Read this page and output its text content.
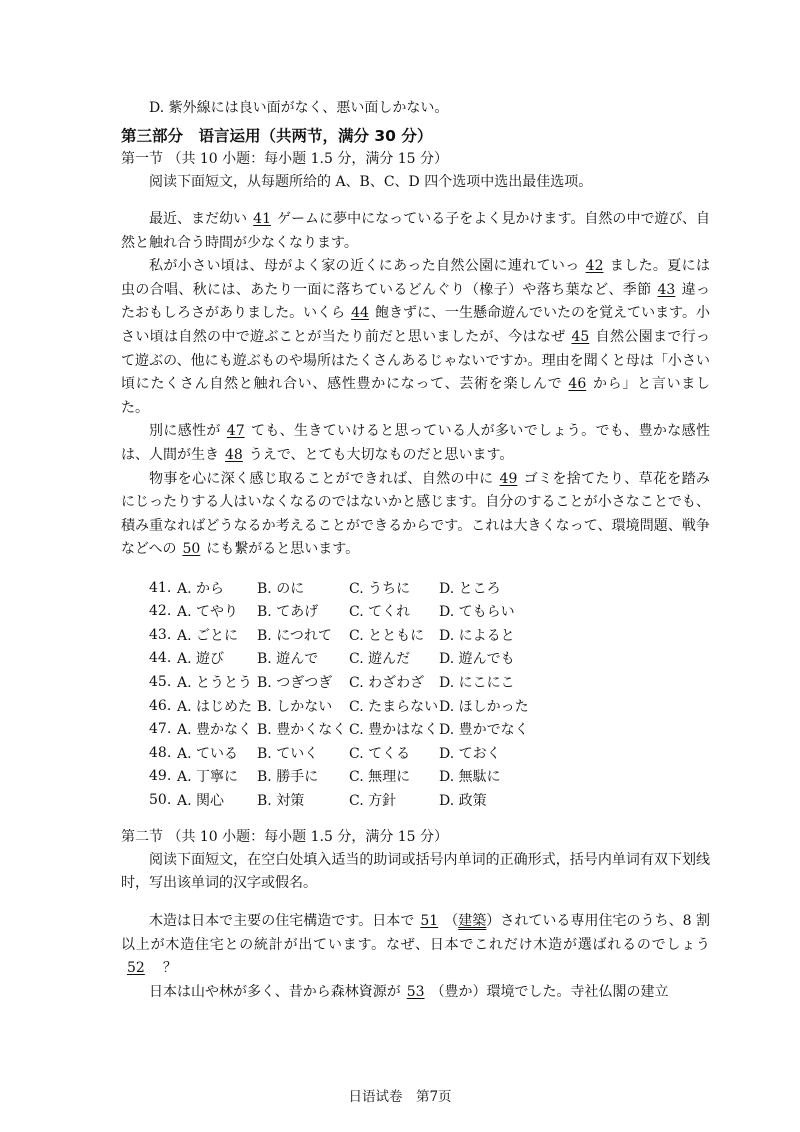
D. 紫外線には良い面がなく、悪い面しかない。

第三部分　语言运用（共两节，满分 30 分）

第一节 （共 10 小题：每小题 1.5 分，满分 15 分）

阅读下面短文，从每题所给的 A、B、C、D 四个选项中选出最佳选项。

最近、まだ幼い 41 ゲームに夢中になっている子をよく見かけます。自然の中で遊び、自然と触れ合う時間が少なくなります。

私が小さい頃は、母がよく家の近くにあった自然公園に連れていっ 42 ました。夏には虫の合唱、秋には、あたり一面に落ちているどんぐり（橡子）や落ち葉など、季節 43 違ったおもしろさがありました。いくら 44 飽きずに、一生懸命遊んでいたのを覚えています。小さい頃は自然の中で遊ぶことが当たり前だと思いましたが、今はなぜ 45 自然公園まで行って遊ぶの、他にも遊ぶものや場所はたくさんあるじゃないですか。理由を聞くと母は「小さい頃にたくさん自然と触れ合い、感性豊かになって、芸術を楽しんで 46 から」と言いました。

別に感性が 47 ても、生きていけると思っている人が多いでしょう。でも、豊かな感性は、人間が生き 48 うえで、とても大切なものだと思います。

物事を心に深く感じ取ることができれば、自然の中に 49 ゴミを捨てたり、草花を踏みにじったりする人はいなくなるのではないかと感じます。自分のすることが小さなことでも、積み重なればどうなるか考えることができるからです。これは大きくなって、環境問題、戦争などへの 50 にも繋がると思います。

41.	A. から	B. のに	C. うちに	D. ところ
42.	A. てやり	B. てあげ	C. てくれ	D. てもらい
43.	A. ごとに	B. につれて	C. とともに	D. によると
44.	A. 遊び	B. 遊んで	C. 遊んだ	D. 遊んでも
45.	A. とうとう	B. つぎつぎ	C. わざわざ	D. にこにこ
46.	A. はじめた	B. しかない	C. たまらない	D. ほしかった
47.	A. 豊かなく	B. 豊かくなく	C. 豊かはなく	D. 豊かでなく
48.	A. ている	B. ていく	C. てくる	D. ておく
49.	A. 丁寧に	B. 勝手に	C. 無理に	D. 無駄に
50.	A. 関心	B. 対策	C. 方針	D. 政策

第二节 （共 10 小题：每小题 1.5 分，满分 15 分）

阅读下面短文，在空白处填入适当的助词或括号内单词的正确形式，括号内单词有双下划线时，写出该单词的汉字或假名。

木造は日本で主要の住宅構造です。日本で 51 （建築）されている専用住宅のうち、8 割以上が木造住宅との統計が出ています。なぜ、日本でこれだけ木造が選ばれるのでしょう52 ？

日本は山や林が多く、昔から森林資源が 53 （豊か）環境でした。寺社仏閣の建立

日语试卷　第7页
